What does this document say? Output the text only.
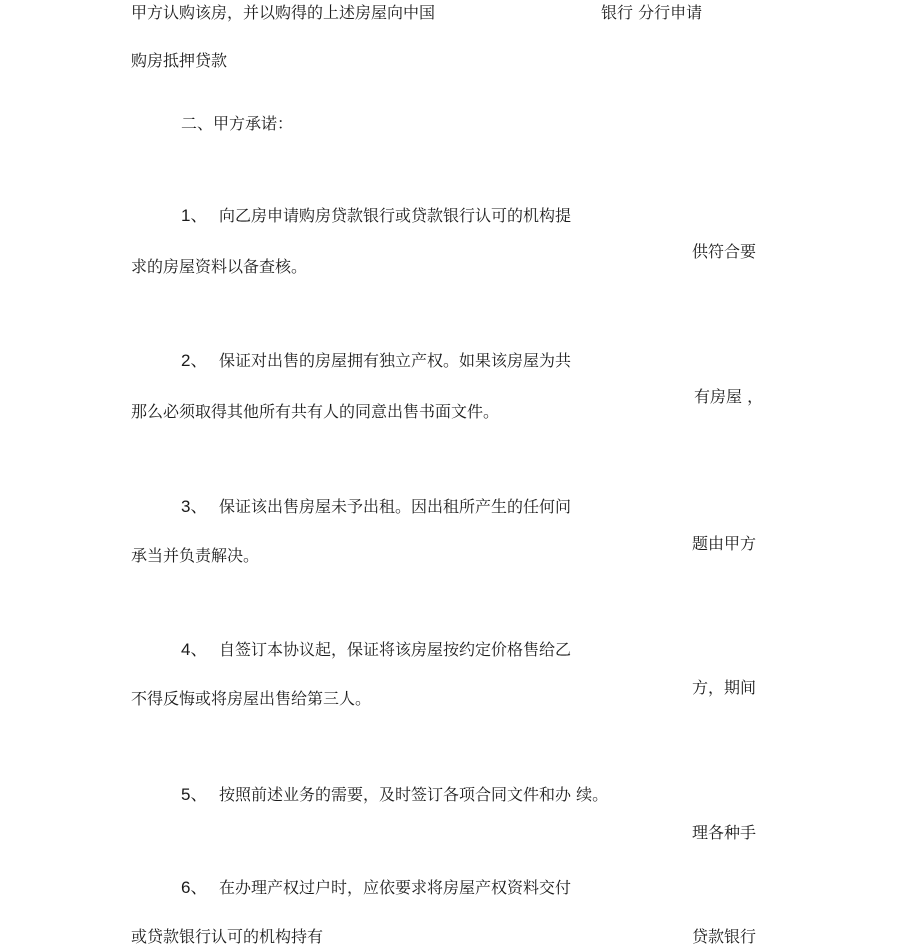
甲方认购该房，并以购得的上述房屋向中国	银行 分行申请
购房抵押贷款
二、甲方承诺：
1、 向乙房申请购房贷款银行或贷款银行认可的机构提
供符合要
求的房屋资料以备查核。
2、 保证对出售的房屋拥有独立产权。如果该房屋为共
有房屋 ，
那么必须取得其他所有共有人的同意出售书面文件。
3、 保证该出售房屋未予出租。因出租所产生的任何问
题由甲方
承当并负责解决。
4、 自签订本协议起，保证将该房屋按约定价格售给乙
方，期间
不得反悔或将房屋出售给第三人。
5、 按照前述业务的需要，及时签订各项合同文件和办 续。
理各种手
6、 在办理产权过户时，应依要求将房屋产权资料交付
贷款银行
或贷款银行认可的机构持有
